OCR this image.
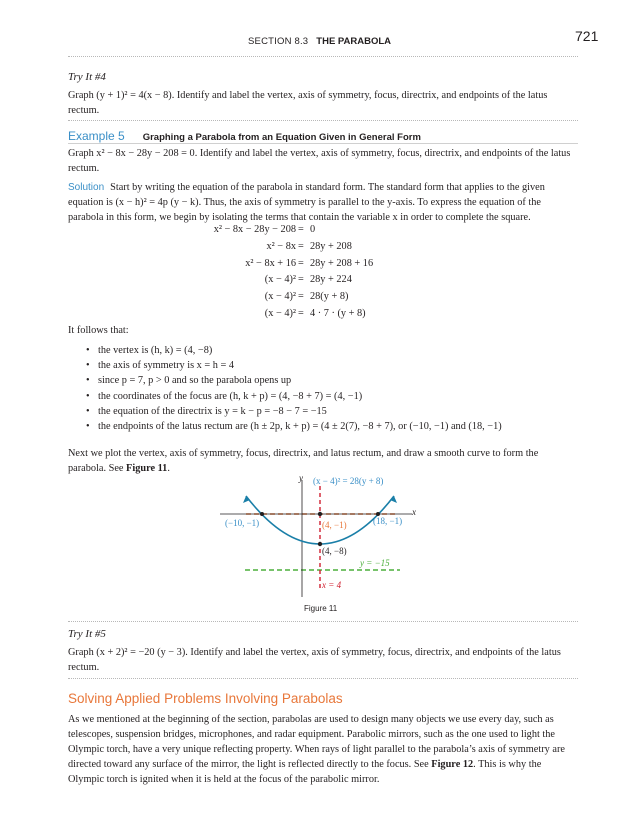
SECTION 8.3 THE PARABOLA	721
Try It #4
Graph (y + 1)² = 4(x − 8). Identify and label the vertex, axis of symmetry, focus, directrix, and endpoints of the latus rectum.
Example 5 Graphing a Parabola from an Equation Given in General Form
Graph x² − 8x − 28y − 208 = 0. Identify and label the vertex, axis of symmetry, focus, directrix, and endpoints of the latus rectum.
Solution Start by writing the equation of the parabola in standard form. The standard form that applies to the given equation is (x − h)² = 4p (y − k). Thus, the axis of symmetry is parallel to the y-axis. To express the equation of the parabola in this form, we begin by isolating the terms that contain the variable x in order to complete the square.
x² − 8x − 28y − 208 = 0
x² − 8x = 28y + 208
x² − 8x + 16 = 28y + 208 + 16
(x − 4)² = 28y + 224
(x − 4)² = 28(y + 8)
(x − 4)² = 4 · 7 · (y + 8)
It follows that:
• the vertex is (h, k) = (4, −8)
• the axis of symmetry is x = h = 4
• since p = 7, p > 0 and so the parabola opens up
• the coordinates of the focus are (h, k + p) = (4, −8 + 7) = (4, −1)
• the equation of the directrix is y = k − p = −8 − 7 = −15
• the endpoints of the latus rectum are (h ± 2p, k + p) = (4 ± 2(7), −8 + 7), or (−10, −1) and (18, −1)
Next we plot the vertex, axis of symmetry, focus, directrix, and latus rectum, and draw a smooth curve to form the parabola. See Figure 11.
y
x
(x − 4)² = 28(y + 8)
(−10, −1)	(4, −1)	(18, −1)
(4, −8)
y = −15
x = 4
Figure 11
Try It #5
Graph (x + 2)² = −20 (y − 3). Identify and label the vertex, axis of symmetry, focus, directrix, and endpoints of the latus rectum.
Solving Applied Problems Involving Parabolas
As we mentioned at the beginning of the section, parabolas are used to design many objects we use every day, such as telescopes, suspension bridges, microphones, and radar equipment. Parabolic mirrors, such as the one used to light the Olympic torch, have a very unique reflecting property. When rays of light parallel to the parabola’s axis of symmetry are directed toward any surface of the mirror, the light is reflected directly to the focus. See Figure 12. This is why the Olympic torch is ignited when it is held at the focus of the parabolic mirror.
